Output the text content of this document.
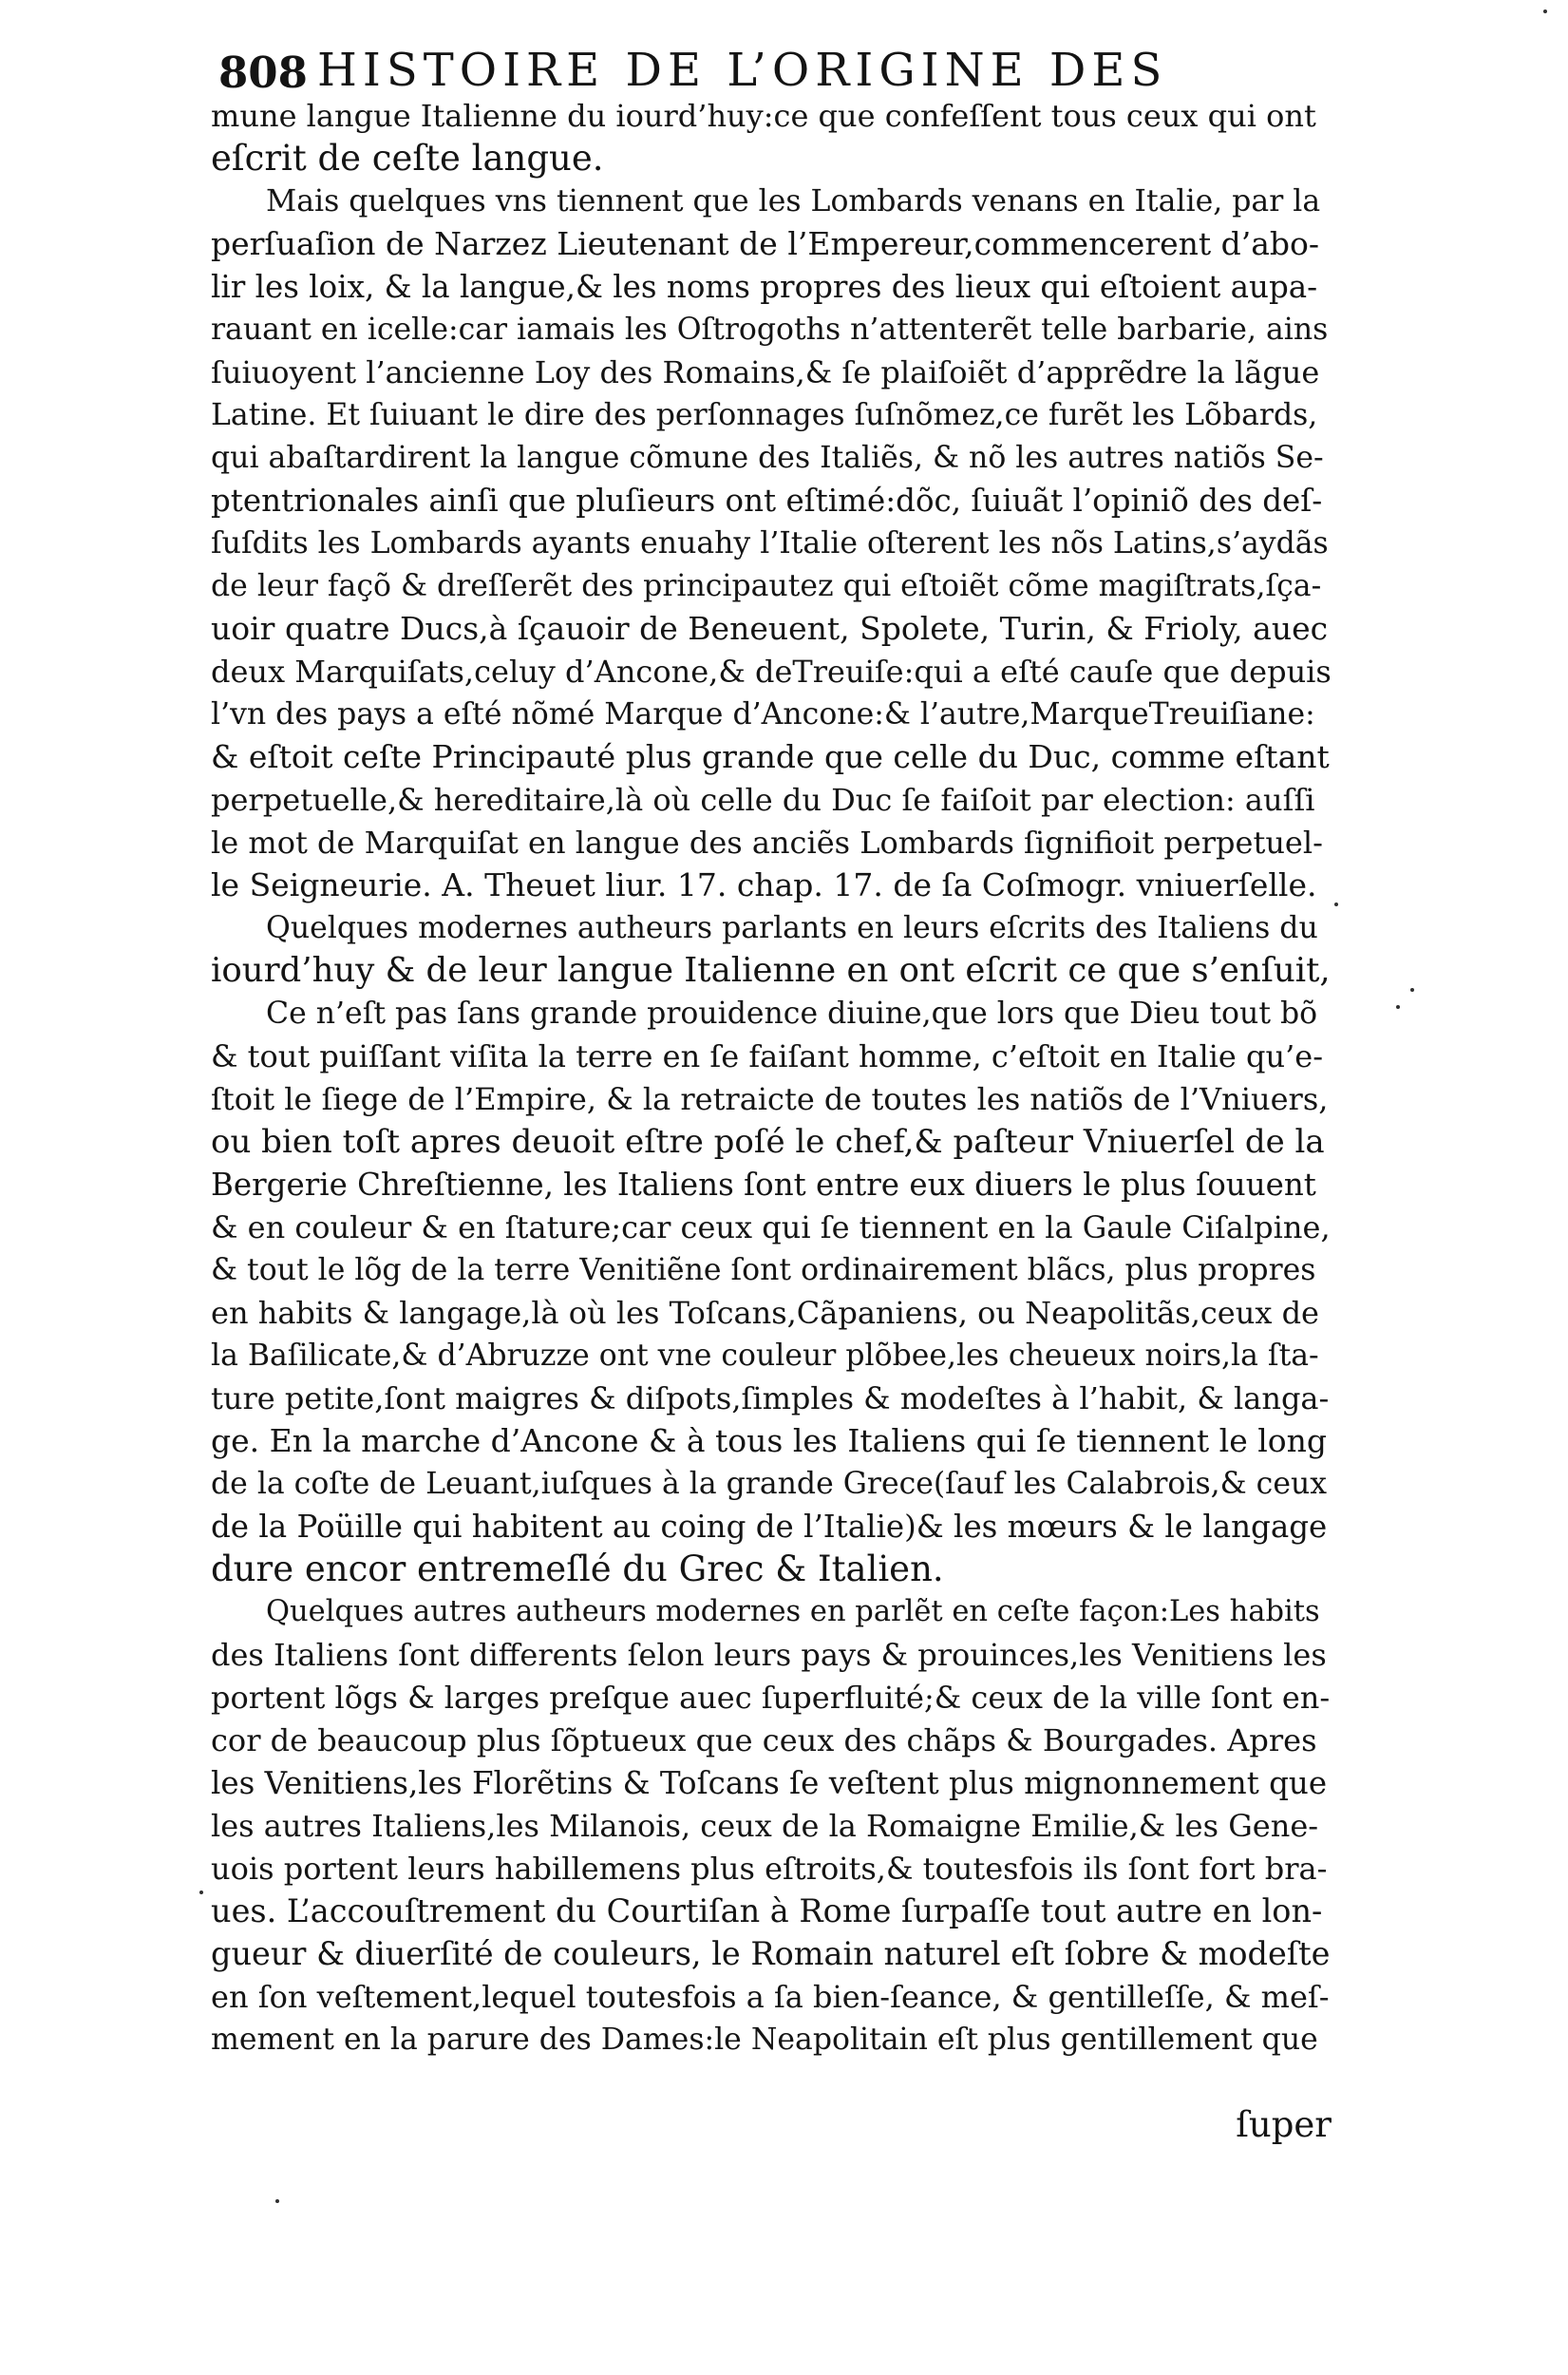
808 HISTOIRE DE L’ORIGINE DES
mune langue Italienne du iourd’huy:ce que confeſſent tous ceux qui ont
eſcrit de ceſte langue.
Mais quelques vns tiennent que les Lombards venans en Italie, par la
perſuaſion de Narzez Lieutenant de l’Empereur,commencerent d’abo-
lir les loix, & la langue,& les noms propres des lieux qui eſtoient aupa-
rauant en icelle:car iamais les Oſtrogoths n’attenterẽt telle barbarie, ains
ſuiuoyent l’ancienne Loy des Romains,& ſe plaiſoiẽt d’apprẽdre la lãgue
Latine. Et ſuiuant le dire des perſonnages ſuſnõmez,ce furẽt les Lõbards,
qui abaſtardirent la langue cõmune des Italiẽs, & nõ les autres natiõs Se-
ptentrionales ainſi que pluſieurs ont eſtimé:dõc, ſuiuãt l’opiniõ des deſ-
ſuſdits les Lombards ayants enuahy l’Italie oſterent les nõs Latins,s’aydãs
de leur façõ & dreſſerẽt des principautez qui eſtoiẽt cõme magiſtrats,ſça-
uoir quatre Ducs,à ſçauoir de Beneuent, Spolete, Turin, & Frioly, auec
deux Marquiſats,celuy d’Ancone,& deTreuiſe:qui a eſté cauſe que depuis
l’vn des pays a eſté nõmé Marque d’Ancone:& l’autre,MarqueTreuiſiane:
& eſtoit ceſte Principauté plus grande que celle du Duc, comme eſtant
perpetuelle,& hereditaire,là où celle du Duc ſe faiſoit par election: auſſi
le mot de Marquiſat en langue des anciẽs Lombards ſignifioit perpetuel-
le Seigneurie. A. Theuet liur. 17. chap. 17. de ſa Coſmogr. vniuerſelle.
Quelques modernes autheurs parlants en leurs eſcrits des Italiens du
iourd’huy & de leur langue Italienne en ont eſcrit ce que s’enſuit,
Ce n’eſt pas ſans grande prouidence diuine,que lors que Dieu tout bõ
& tout puiſſant viſita la terre en ſe faiſant homme, c’eſtoit en Italie qu’e-
ſtoit le ſiege de l’Empire, & la retraicte de toutes les natiõs de l’Vniuers,
ou bien toſt apres deuoit eſtre poſé le chef,& paſteur Vniuerſel de la
Bergerie Chreſtienne, les Italiens ſont entre eux diuers le plus ſouuent
& en couleur & en ſtature;car ceux qui ſe tiennent en la Gaule Ciſalpine,
& tout le lõg de la terre Venitiẽne ſont ordinairement blãcs, plus propres
en habits & langage,là où les Toſcans,Cãpaniens, ou Neapolitãs,ceux de
la Baſilicate,& d’Abruzze ont vne couleur plõbee,les cheueux noirs,la ſta-
ture petite,ſont maigres & diſpots,ſimples & modeſtes à l’habit, & langa-
ge. En la marche d’Ancone & à tous les Italiens qui ſe tiennent le long
de la coſte de Leuant,iuſques à la grande Grece(ſauf les Calabrois,& ceux
de la Poüille qui habitent au coing de l’Italie)& les mœurs & le langage
dure encor entremeſlé du Grec & Italien.
Quelques autres autheurs modernes en parlẽt en ceſte façon:Les habits
des Italiens ſont differents ſelon leurs pays & prouinces,les Venitiens les
portent lõgs & larges preſque auec ſuperfluité;& ceux de la ville ſont en-
cor de beaucoup plus ſõptueux que ceux des chãps & Bourgades. Apres
les Venitiens,les Florẽtins & Toſcans ſe veſtent plus mignonnement que
les autres Italiens,les Milanois, ceux de la Romaigne Emilie,& les Gene-
uois portent leurs habillemens plus eſtroits,& toutesfois ils ſont fort bra-
ues. L’accouſtrement du Courtiſan à Rome ſurpaſſe tout autre en lon-
gueur & diuerſité de couleurs, le Romain naturel eſt ſobre & modeſte
en ſon veſtement,lequel toutesfois a ſa bien-ſeance, & gentilleſſe, & meſ-
mement en la parure des Dames:le Neapolitain eſt plus gentillement que
ſuper
